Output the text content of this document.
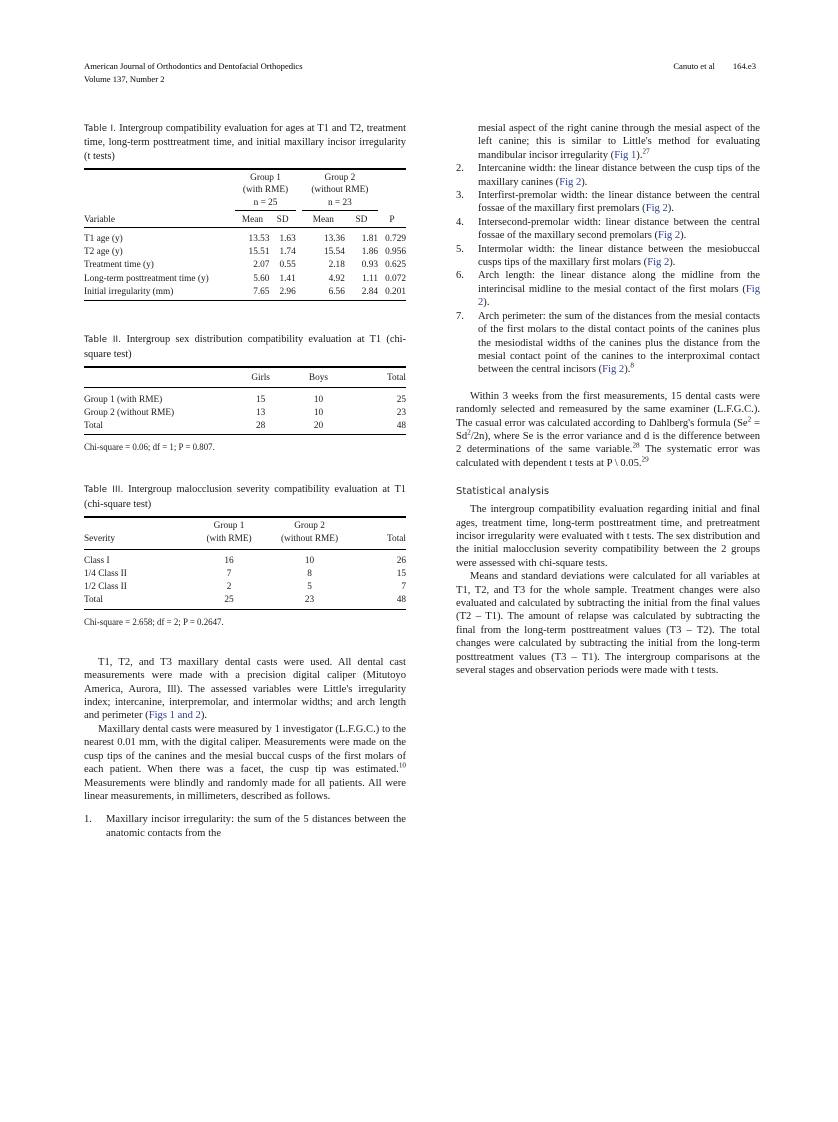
Canuto et al 164.e3
American Journal of Orthodontics and Dentofacial Orthopedics
Volume 137, Number 2
Table I. Intergroup compatibility evaluation for ages at T1 and T2, treatment time, long-term posttreatment time, and initial maxillary incisor irregularity (t tests)
	Group 1			Group 2		
	(with RME)			(without RME)		
	n = 25			n = 23		
Variable	Mean	SD		Mean	SD	P

T1 age (y)	13.53	1.63		13.36	1.81	0.729
T2 age (y)	15.51	1.74		15.54	1.86	0.956
Treatment time (y)	2.07	0.55		2.18	0.93	0.625
Long-term posttreatment time (y)	5.60	1.41		4.92	1.11	0.072
Initial irregularity (mm)	7.65	2.96		6.56	2.84	0.201
Table II. Intergroup sex distribution compatibility evaluation at T1 (chi-square test)
	Girls	Boys	Total

Group 1 (with RME)	15	10	25
Group 2 (without RME)	13	10	23
Total	28	20	48
Chi-square = 0.06; df = 1; P = 0.807.
Table III. Intergroup malocclusion severity compatibility evaluation at T1 (chi-square test)
	Group 1	Group 2	
Severity	(with RME)	(without RME)	Total

Class I	16	10	26
1/4 Class II	7	8	15
1/2 Class II	2	5	7
Total	25	23	48
Chi-square = 2.658; df = 2; P = 0.2647.

T1, T2, and T3 maxillary dental casts were used. All dental cast measurements were made with a precision digital caliper (Mitutoyo America, Aurora, Ill). The assessed variables were Little's irregularity index; intercanine, interpremolar, and intermolar widths; and arch length and perimeter (Figs 1 and 2).

Maxillary dental casts were measured by 1 investigator (L.F.G.C.) to the nearest 0.01 mm, with the digital caliper. Measurements were made on the cusp tips of the canines and the mesial buccal cusps of the first molars of each patient. When there was a facet, the cusp tip was estimated.$^{10}$ Measurements were blindly and randomly made for all patients. All were linear measurements, in millimeters, described as follows.

Maxillary incisor irregularity: the sum of the 5 distances between the anatomic contacts from the

mesial aspect of the right canine through the mesial aspect of the left canine; this is similar to Little's method for evaluating mandibular incisor irregularity (Fig 1).$^{27}$

Intercanine width: the linear distance between the cusp tips of the maxillary canines (Fig 2).
Interfirst-premolar width: the linear distance between the central fossae of the maxillary first premolars (Fig 2).
Intersecond-premolar width: linear distance between the central fossae of the maxillary second premolars (Fig 2).
Intermolar width: the linear distance between the mesiobuccal cusps tips of the maxillary first molars (Fig 2).
Arch length: the linear distance along the midline from the interincisal midline to the mesial contact of the first molars (Fig 2).
Arch perimeter: the sum of the distances from the mesial contacts of the first molars to the distal contact points of the canines plus the mesiodistal widths of the canines plus the distance from the mesial contact point of the canines to the interproximal contact between the central incisors (Fig 2).$^8$

Within 3 weeks from the first measurements, 15 dental casts were randomly selected and remeasured by the same examiner (L.F.G.C.). The casual error was calculated according to Dahlberg's formula $(Se^2 = Sd^2/2n)$, where Se is the error variance and d is the difference between 2 determinations of the same variable.$^{28}$ The systematic error was calculated with dependent t tests at P \ 0.05.29

Statistical analysis

The intergroup compatibility evaluation regarding initial and final ages, treatment time, long-term posttreatment time, and pretreatment incisor irregularity were evaluated with t tests. The sex distribution and the initial malocclusion severity compatibility between the 2 groups were assessed with chi-square tests.

Means and standard deviations were calculated for all variables at T1, T2, and T3 for the whole sample. Treatment changes were also evaluated and calculated by subtracting the initial from the final values (T2 – T1). The amount of relapse was calculated by subtracting the final from the long-term posttreatment values (T3 – T2). The total changes were calculated by subtracting the initial from the long-term posttreatment values (T3 – T1). The intergroup comparisons at the several stages and observation periods were made with t tests.
